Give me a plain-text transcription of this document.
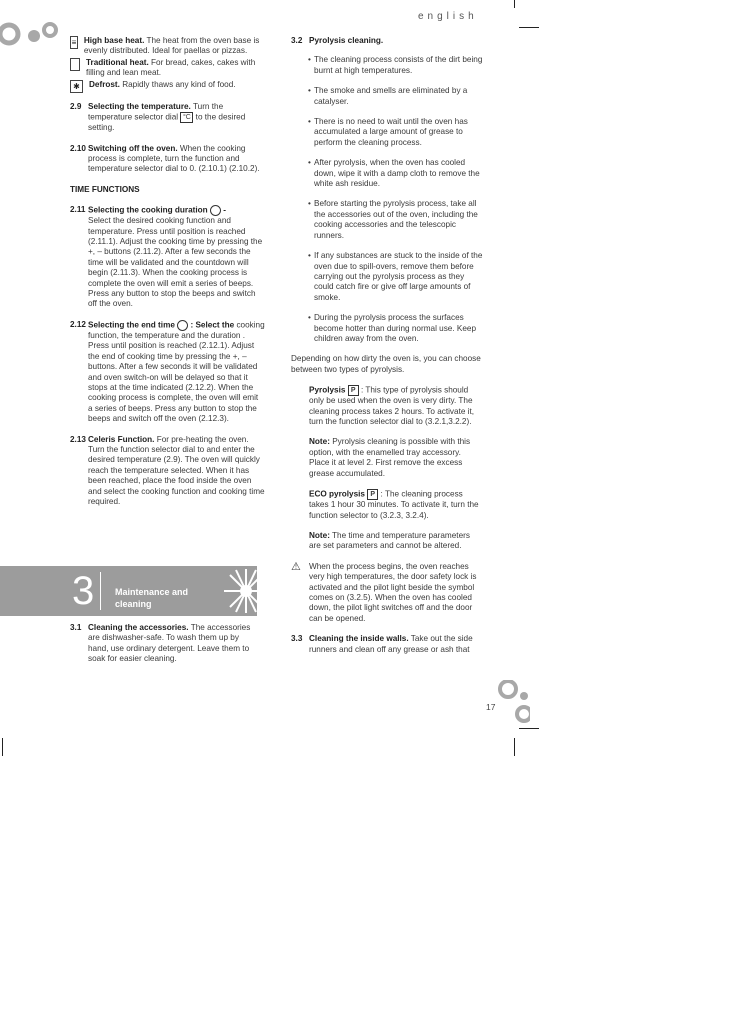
english
≡ High base heat. The heat from the oven base is evenly distributed. Ideal for paellas or pizzas.

Traditional heat. For bread, cakes, cakes with filling and lean meat.
✱	Defrost. Rapidly thaws any kind of food.
2.9 Selecting the temperature. Turn the temperature selector dial °C to the desired setting.
2.10 Switching off the oven. When the cooking process is complete, turn the function and temperature selector dial to 0. (2.10.1) (2.10.2).
TIME FUNCTIONS
2.11 Selecting the cooking duration -
Select the desired cooking function and temperature. Press until position is reached (2.11.1). Adjust the cooking time by pressing the +, – buttons (2.11.2). After a few seconds the time will be validated and the countdown will begin (2.11.3). When the cooking process is complete the oven will emit a series of beeps. Press any button to stop the beeps and switch off the oven.
2.12 Selecting the end time : Select the cooking function, the temperature and the duration . Press until position is reached (2.12.1). Adjust the end of cooking time by pressing the +, – buttons. After a few seconds it will be validated and oven switch-on will be delayed so that it stops at the time indicated (2.12.2). When the cooking process is complete, the oven will emit a series of beeps. Press any button to stop the beeps and switch off the oven (2.12.3).
2.13 Celeris Function. For pre-heating the oven. Turn the function selector dial to and enter the desired temperature (2.9). The oven will quickly reach the temperature selected. When it has been reached, place the food inside the oven and select the cooking function and cooking time required.
3 Maintenance and
cleaning
3.1 Cleaning the accessories. The accessories are dishwasher-safe. To wash them up by hand, use ordinary detergent. Leave them to soak for easier cleaning.
3.2 Pyrolysis cleaning.
• The cleaning process consists of the dirt being burnt at high temperatures.
• The smoke and smells are eliminated by a catalyser.
• There is no need to wait until the oven has accumulated a large amount of grease to perform the cleaning process.
• After pyrolysis, when the oven has cooled down, wipe it with a damp cloth to remove the white ash residue.
• Before starting the pyrolysis process, take all the accessories out of the oven, including the cooking accessories and the telescopic runners.
• If any substances are stuck to the inside of the oven due to spill-overs, remove them before carrying out the pyrolysis process as they could catch fire or give off large amounts of smoke.
• During the pyrolysis process the surfaces become hotter than during normal use. Keep children away from the oven.
Depending on how dirty the oven is, you can choose between two types of pyrolysis.
Pyrolysis P : This type of pyrolysis should only be used when the oven is very dirty. The cleaning process takes 2 hours. To activate it, turn the function selector dial to (3.2.1,3.2.2).
Note: Pyrolysis cleaning is possible with this option, with the enamelled tray accessory. Place it at level 2. First remove the excess grease accumulated.
ECO pyrolysis P : The cleaning process takes 1 hour 30 minutes. To activate it, turn the function selector to (3.2.3, 3.2.4).
Note: The time and temperature parameters are set parameters and cannot be altered.
⚠ When the process begins, the oven reaches very high temperatures, the door safety lock is activated and the pilot light beside the symbol comes on (3.2.5). When the oven has cooled down, the pilot light switches off and the door can be opened.
3.3 Cleaning the inside walls. Take out the side runners and clean off any grease or ash that
17
